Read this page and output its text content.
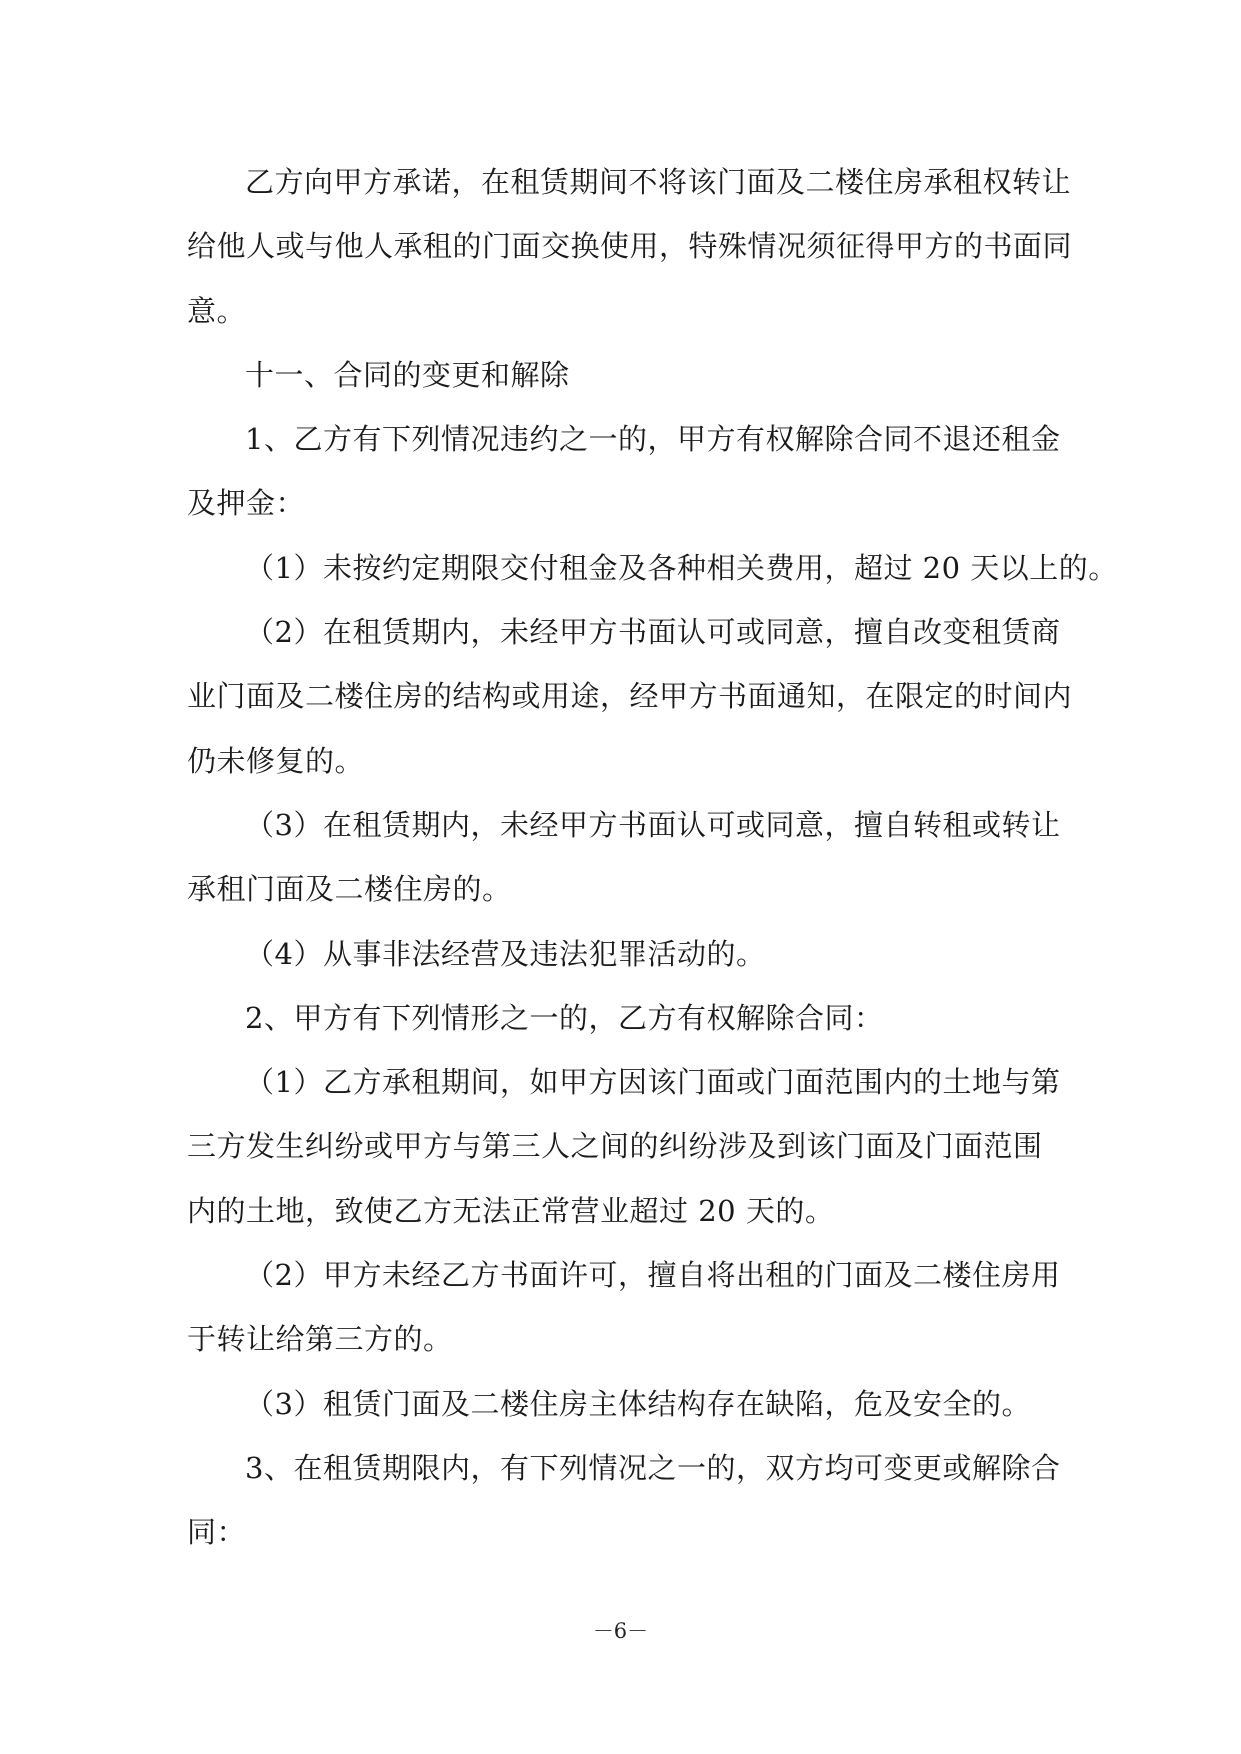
乙方向甲方承诺，在租赁期间不将该门面及二楼住房承租权转让
给他人或与他人承租的门面交换使用，特殊情况须征得甲方的书面同
意。
十一、合同的变更和解除
1、乙方有下列情况违约之一的，甲方有权解除合同不退还租金
及押金：
（1）未按约定期限交付租金及各种相关费用，超过 20 天以上的。
（2）在租赁期内，未经甲方书面认可或同意，擅自改变租赁商
业门面及二楼住房的结构或用途，经甲方书面通知，在限定的时间内
仍未修复的。
（3）在租赁期内，未经甲方书面认可或同意，擅自转租或转让
承租门面及二楼住房的。
（4）从事非法经营及违法犯罪活动的。
2、甲方有下列情形之一的，乙方有权解除合同：
（1）乙方承租期间，如甲方因该门面或门面范围内的土地与第
三方发生纠纷或甲方与第三人之间的纠纷涉及到该门面及门面范围
内的土地，致使乙方无法正常营业超过 20 天的。
（2）甲方未经乙方书面许可，擅自将出租的门面及二楼住房用
于转让给第三方的。
（3）租赁门面及二楼住房主体结构存在缺陷，危及安全的。
3、在租赁期限内，有下列情况之一的，双方均可变更或解除合
同：
－6－
